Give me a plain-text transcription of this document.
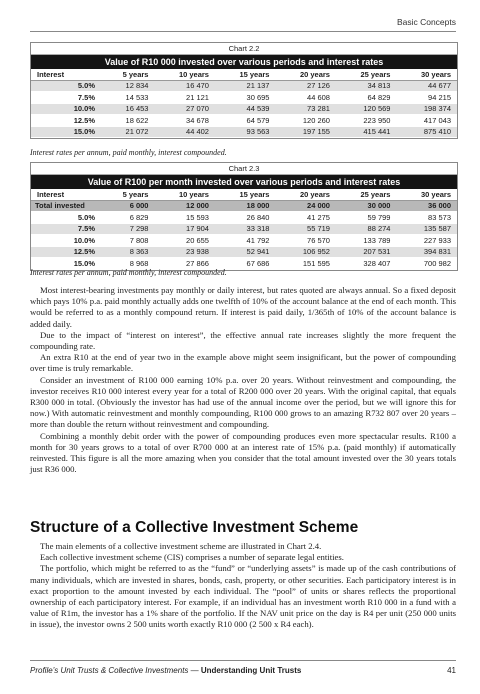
Basic Concepts
Chart 2.2
Value of R10 000 invested over various periods and interest rates
Interest	5 years	10 years	15 years	20 years	25 years	30 years
5.0%	12 834	16 470	21 137	27 126	34 813	44 677
7.5%	14 533	21 121	30 695	44 608	64 829	94 215
10.0%	16 453	27 070	44 539	73 281	120 569	198 374
12.5%	18 622	34 678	64 579	120 260	223 950	417 043
15.0%	21 072	44 402	93 563	197 155	415 441	875 410
Interest rates per annum, paid monthly, interest compounded.
Chart 2.3
Value of R100 per month invested over various periods and interest rates
Interest	5 years	10 years	15 years	20 years	25 years	30 years
Total invested	6 000	12 000	18 000	24 000	30 000	36 000
5.0%	6 829	15 593	26 840	41 275	59 799	83 573
7.5%	7 298	17 904	33 318	55 719	88 274	135 587
10.0%	7 808	20 655	41 792	76 570	133 789	227 933
12.5%	8 363	23 938	52 941	106 952	207 531	394 831
15.0%	8 968	27 866	67 686	151 595	328 407	700 982
Interest rates per annum, paid monthly, interest compounded.

Most interest-bearing investments pay monthly or daily interest, but rates quoted are always annual. So a fixed deposit which pays 10% p.a. paid monthly actually adds one twelfth of 10% of the account balance at the end of each month. This would be referred to as a monthly compound return. If interest is paid daily, 1/365th of 10% of the account balance is added daily.

Due to the impact of “interest on interest”, the effective annual rate increases slightly the more frequent the compounding rate.

An extra R10 at the end of year two in the example above might seem insignificant, but the power of compounding over time is truly remarkable.

Consider an investment of R100 000 earning 10% p.a. over 20 years. Without reinvestment and compounding, the investor receives R10 000 interest every year for a total of R200 000 over 20 years. With the original capital, that equals R300 000 in total. (Obviously the investor has had use of the annual income over the period, but we will ignore this for now.) With automatic reinvestment and monthly compounding, R100 000 grows to an amazing R732 807 over 20 years – more than double the return without reinvestment and compounding.

Combining a monthly debit order with the power of compounding produces even more spectacular results. R100 a month for 30 years grows to a total of over R700 000 at an interest rate of 15% p.a. (paid monthly) if automatically reinvested. This figure is all the more amazing when you consider that the total amount invested over the 30 years totals just R36 000.

Structure of a Collective Investment Scheme

The main elements of a collective investment scheme are illustrated in Chart 2.4.

Each collective investment scheme (CIS) comprises a number of separate legal entities.

The portfolio, which might be referred to as the “fund” or “underlying assets” is made up of the cash contributions of many individuals, which are invested in shares, bonds, cash, property, or other securities. Each participatory interest is in exact proportion to the amount invested by each individual. The “pool” of units or shares reflects the proportional ownership of each participatory interest. For example, if an individual has an investment worth R10 000 in a fund with a value of R1m, the investor has a 1% share of the portfolio. If the NAV unit price on the day is R4 per unit (250 000 units in issue), the investor owns 2 500 units worth exactly R10 000 (2 500 x R4 each).

Profile’s Unit Trusts & Collective Investments — Understanding Unit Trusts	41
